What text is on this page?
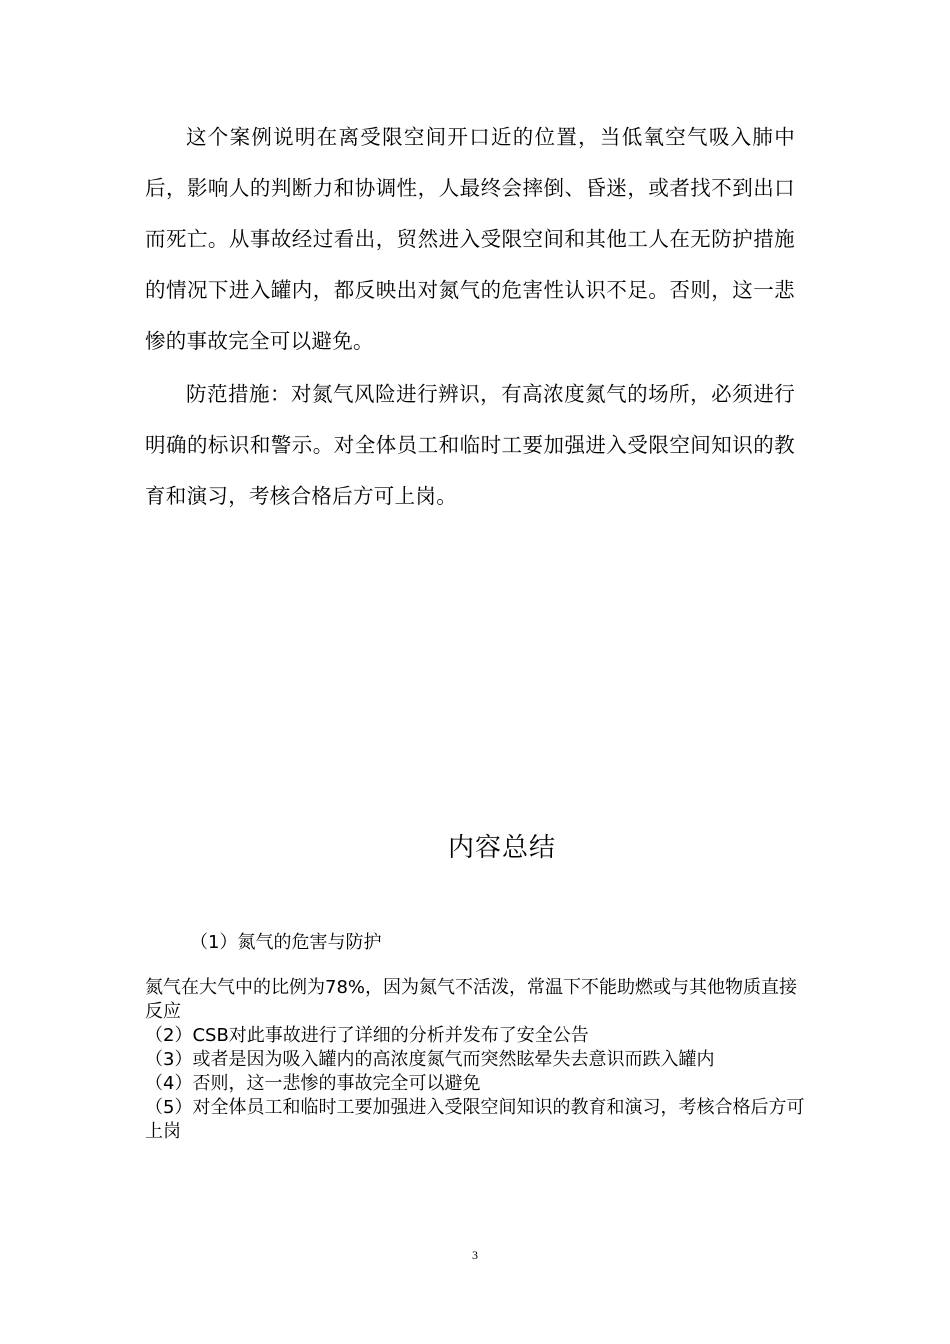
这个案例说明在离受限空间开口近的位置，当低氧空气吸入肺中后，影响人的判断力和协调性，人最终会摔倒、昏迷，或者找不到出口而死亡。从事故经过看出，贸然进入受限空间和其他工人在无防护措施的情况下进入罐内，都反映出对氮气的危害性认识不足。否则，这一悲惨的事故完全可以避免。

防范措施：对氮气风险进行辨识，有高浓度氮气的场所，必须进行明确的标识和警示。对全体员工和临时工要加强进入受限空间知识的教育和演习，考核合格后方可上岗。

内容总结
（1）氮气的危害与防护
氮气在大气中的比例为78%，因为氮气不活泼，常温下不能助燃或与其他物质直接反应
（2）CSB对此事故进行了详细的分析并发布了安全公告
（3）或者是因为吸入罐内的高浓度氮气而突然眩晕失去意识而跌入罐内
（4）否则，这一悲惨的事故完全可以避免
（5）对全体员工和临时工要加强进入受限空间知识的教育和演习，考核合格后方可上岗
3
